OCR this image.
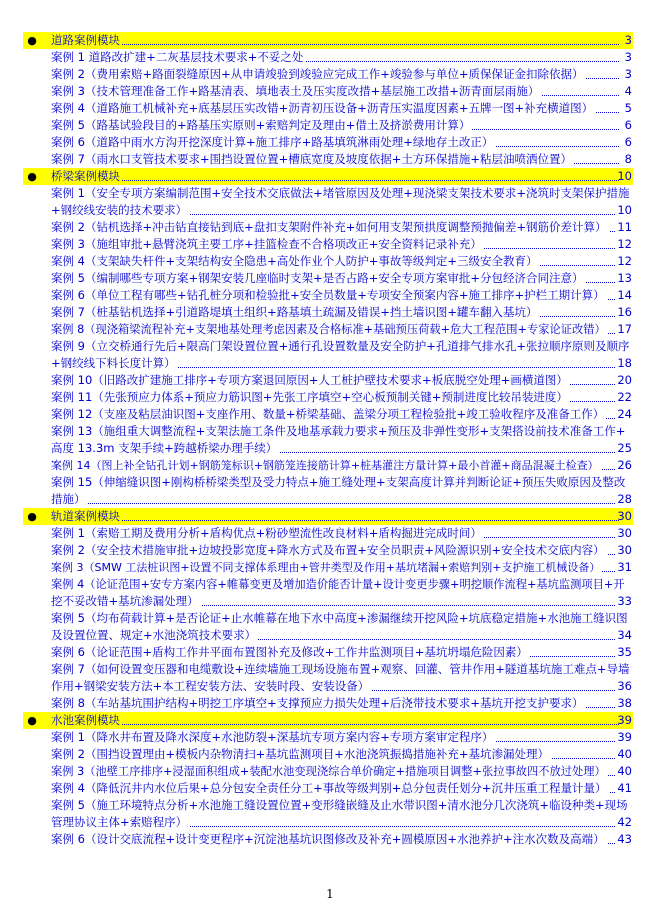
● 道路案例模块	3
案例 1 道路改扩建+二灰基层技术要求+不妥之处	3
案例 2（费用索赔+路面裂缝原因+从申请竣验到竣验应完成工作+竣验参与单位+质保保证金扣除依据）	3
案例 3（技术管理准备工作+路基清表、填地表土及压实度改措+基层施工改措+沥青面层雨施）	4
案例 4（道路施工机械补充+底基层压实改错+沥青初压设备+沥青压实温度因素+五牌一图+补充横道图）	5
案例 5（路基试验段目的+路基压实原则+索赔判定及理由+借土及挤淤费用计算）	6
案例 6（道路中雨水方沟开挖深度计算+施工排序+路基填筑淋雨处理+绿地存土改正）	6
案例 7（雨水口支管技术要求+围挡设置位置+槽底宽度及坡度依据+土方环保措施+粘层油喷洒位置）	8
● 桥梁案例模块	10
案例 1（安全专项方案编制范围+安全技术交底做法+堵管原因及处理+现浇梁支架技术要求+浇筑时支架保护措施
+钢绞线安装的技术要求）	10
案例 2（钻机选择+冲击钻直接钻到底+盘扣支架附件补充+如何用支架预拱度调整预抛偏差+钢筋价差计算） 11
案例 3（施组审批+悬臂浇筑主要工序+挂篮检查不合格项改正+安全资料记录补充）	12
案例 4（支架缺失杆件+支架结构安全隐患+高处作业个人防护+事故等级判定+三级安全教育）	12
案例 5（编制哪些专项方案+钢架安装几座临时支架+是否占路+安全专项方案审批+分包经济合同注意）	13
案例 6（单位工程有哪些+钻孔桩分项和检验批+安全员数量+专项安全预案内容+施工排序+护栏工期计算） 14
案例 7（桩基钻机选择+引道路堤填土组织+路基填土疏漏及错误+挡土墙识图+罐车翻入基坑）	16
案例 8（现浇箱梁流程补充+支架地基处理考虑因素及合格标准+基础预压荷载+危大工程范围+专家论证改错） 17
案例 9（立交桥通行先后+限高门架设置位置+通行孔设置数量及安全防护+孔道排气排水孔+张拉顺序原则及顺序
+钢绞线下料长度计算）	18
案例 10（旧路改扩建施工排序+专项方案退回原因+人工桩护壁技术要求+板底脱空处理+画横道图）	20
案例 11（先张预应力体系+预应力筋识图+先张工序填空+空心板预制关键+预制进度比较吊装进度）	22
案例 12（支座及粘层油识图+支座作用、数量+桥梁基础、盖梁分项工程检验批+竣工验收程序及准备工作） 24
案例 13（施组重大调整流程+支架法施工条件及地基承载力要求+预压及非弹性变形+支架搭设前技术准备工作+
高度 13.3m 支架手续+跨越桥梁办理手续）	25
案例 14（图上补全钻孔计划+钢筋笼标识+钢筋笼连接筋计算+桩基灌注方量计算+最小首灌+商品混凝土检查） 26
案例 15（伸缩缝识图+刚构桥桥梁类型及受力特点+施工缝处理+支架高度计算并判断论证+预压失败原因及整改
措施）	28
● 轨道案例模块	30
案例 1（索赔工期及费用分析+盾构优点+粉砂塑流性改良材料+盾构掘进完成时间）	30
案例 2（安全技术措施审批+边坡投影宽度+降水方式及布置+安全员职责+风险源识别+安全技术交底内容） 30
案例 3（SMW 工法桩识图+设置不同支撑体系理由+管井类型及作用+基坑堵漏+索赔判别+支护施工机械设备） 31
案例 4（论证范围+安专方案内容+帷幕变更及增加造价能否计量+设计变更步骤+明挖顺作流程+基坑监测项目+开
挖不妥改错+基坑渗漏处理）	33
案例 5（均布荷载计算+是否论证+止水帷幕在地下水中高度+渗漏继续开挖风险+坑底稳定措施+水池施工缝识图
及设置位置、规定+水池浇筑技术要求）	34
案例 6（论证范围+盾构工作井平面布置图补充及修改+工作井监测项目+基坑坍塌危险因素）	35
案例 7（如何设置变压器和电缆敷设+连续墙施工现场设施布置+观察、回灌、管井作用+隧道基坑施工难点+导墙
作用+钢梁安装方法+本工程安装方法、安装时段、安装设备）	36
案例 8（车站基坑围护结构+明挖工序填空+支撑预应力损失处理+后浇带技术要求+基坑开挖支护要求）	38
● 水池案例模块	39
案例 1（降水井布置及降水深度+水池防裂+深基坑专项方案内容+专项方案审定程序）	39
案例 2（围挡设置理由+模板内杂物清扫+基坑监测项目+水池浇筑振捣措施补充+基坑渗漏处理）	40
案例 3（池壁工序排序+浸湿面积组成+装配水池变现浇综合单价确定+措施项目调整+张拉事故四不放过处理） 40
案例 4（降低沉井内水位后果+总分包安全责任分工+事故等级判别+总分包责任划分+沉井压重工程量计量） 41
案例 5（施工环境特点分析+水池施工缝设置位置+变形缝嵌缝及止水带识图+清水池分几次浇筑+临设种类+现场
管理协议主体+索赔程序）	42
案例 6（设计交底流程+设计变更程序+沉淀池基坑识图修改及补充+圆模原因+水池养护+注水次数及高端） 43
1
